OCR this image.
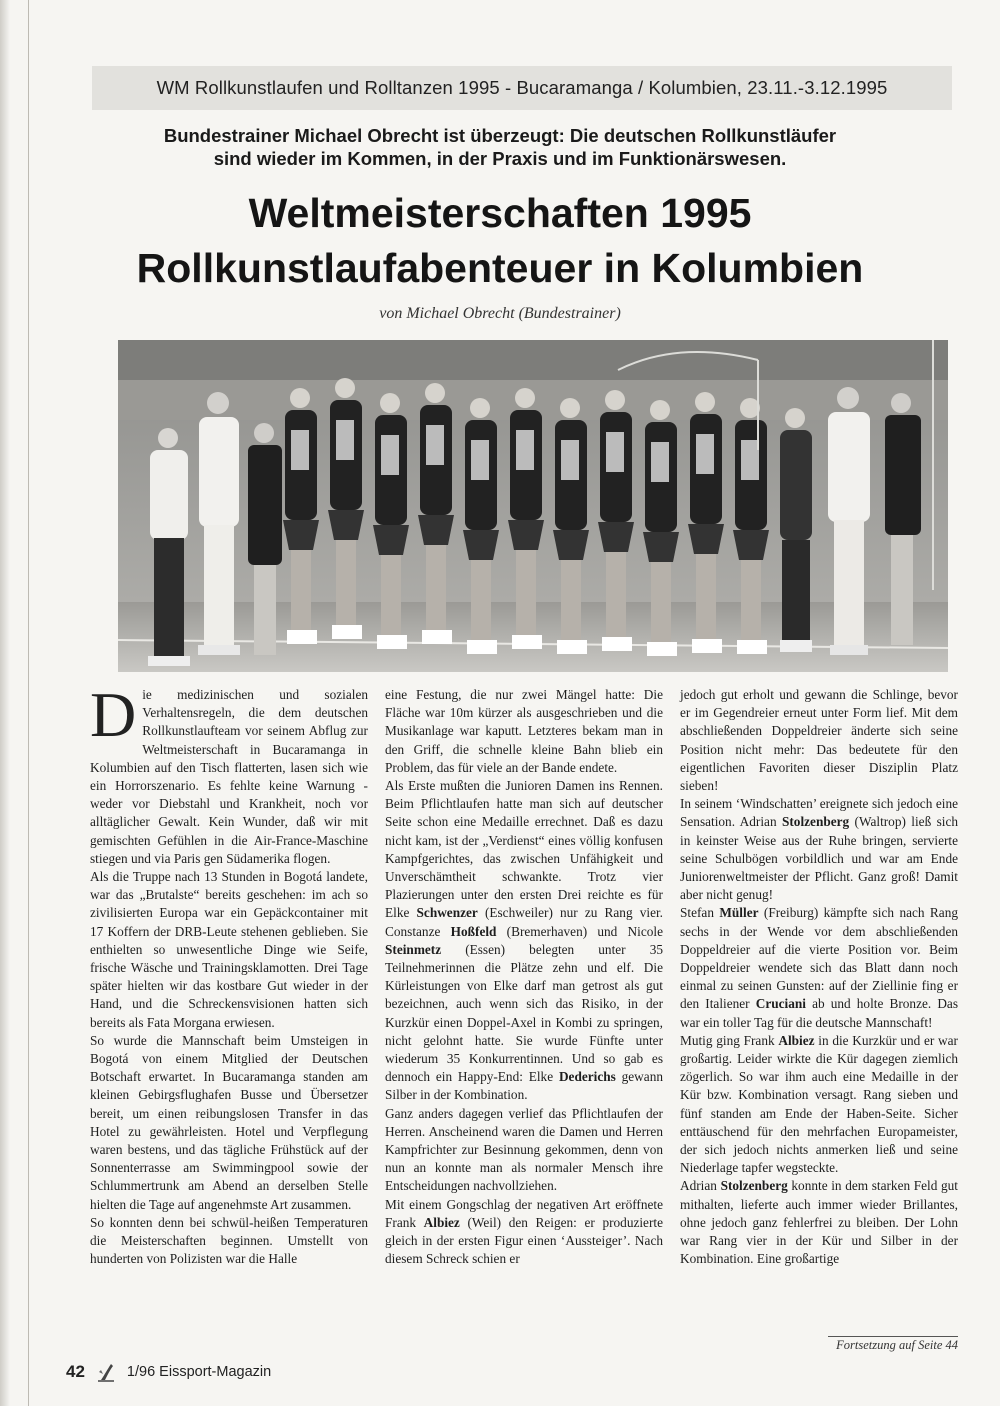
WM Rollkunstlaufen und Rolltanzen 1995 - Bucaramanga / Kolumbien, 23.11.-3.12.1995
Bundestrainer Michael Obrecht ist überzeugt: Die deutschen Rollkunstläufer
sind wieder im Kommen, in der Praxis und im Funktionärswesen.
Weltmeisterschaften 1995
Rollkunstlaufabenteuer in Kolumbien
von Michael Obrecht (Bundestrainer)

Die medizinischen und sozialen Verhaltensregeln, die dem deutschen Rollkunstlaufteam vor seinem Abflug zur Weltmeisterschaft in Bucaramanga in Kolumbien auf den Tisch flatterten, lasen sich wie ein Horrorszenario. Es fehlte keine Warnung - weder vor Diebstahl und Krankheit, noch vor alltäglicher Gewalt. Kein Wunder, daß wir mit gemischten Gefühlen in die Air-France-Maschine stiegen und via Paris gen Südamerika flogen.

Als die Truppe nach 13 Stunden in Bogotá landete, war das „Brutalste“ bereits geschehen: im ach so zivilisierten Europa war ein Gepäckcontainer mit 17 Koffern der DRB-Leute stehenen geblieben. Sie enthielten so unwesentliche Dinge wie Seife, frische Wäsche und Trainingsklamotten. Drei Tage später hielten wir das kostbare Gut wieder in der Hand, und die Schreckensvisionen hatten sich bereits als Fata Morgana erwiesen.

So wurde die Mannschaft beim Umsteigen in Bogotá von einem Mitglied der Deutschen Botschaft erwartet. In Bucaramanga standen am kleinen Gebirgsflughafen Busse und Übersetzer bereit, um einen reibungslosen Transfer in das Hotel zu gewährleisten. Hotel und Verpflegung waren bestens, und das tägliche Frühstück auf der Sonnenterrasse am Swimmingpool sowie der Schlummertrunk am Abend an derselben Stelle hielten die Tage auf angenehmste Art zusammen.

So konnten denn bei schwül-heißen Temperaturen die Meisterschaften beginnen. Umstellt von hunderten von Polizisten war die Halle

eine Festung, die nur zwei Mängel hatte: Die Fläche war 10m kürzer als ausgeschrieben und die Musikanlage war kaputt. Letzteres bekam man in den Griff, die schnelle kleine Bahn blieb ein Problem, das für viele an der Bande endete.

Als Erste mußten die Junioren Damen ins Rennen. Beim Pflichtlaufen hatte man sich auf deutscher Seite schon eine Medaille errechnet. Daß es dazu nicht kam, ist der „Verdienst“ eines völlig konfusen Kampfgerichtes, das zwischen Unfähigkeit und Unverschämtheit schwankte. Trotz vier Plazierungen unter den ersten Drei reichte es für Elke Schwenzer (Eschweiler) nur zu Rang vier. Constanze Hoßfeld (Bremerhaven) und Nicole Steinmetz (Essen) belegten unter 35 Teilnehmerinnen die Plätze zehn und elf. Die Kürleistungen von Elke darf man getrost als gut bezeichnen, auch wenn sich das Risiko, in der Kurzkür einen Doppel-Axel in Kombi zu springen, nicht gelohnt hatte. Sie wurde Fünfte unter wiederum 35 Konkurrentinnen. Und so gab es dennoch ein Happy-End: Elke Dederichs gewann Silber in der Kombination.

Ganz anders dagegen verlief das Pflichtlaufen der Herren. Anscheinend waren die Damen und Herren Kampfrichter zur Besinnung gekommen, denn von nun an konnte man als normaler Mensch ihre Entscheidungen nachvollziehen.

Mit einem Gongschlag der negativen Art eröffnete Frank Albiez (Weil) den Reigen: er produzierte gleich in der ersten Figur einen ‘Aussteiger’. Nach diesem Schreck schien er

jedoch gut erholt und gewann die Schlinge, bevor er im Gegendreier erneut unter Form lief. Mit dem abschließenden Doppeldreier änderte sich seine Position nicht mehr: Das bedeutete für den eigentlichen Favoriten dieser Disziplin Platz sieben!

In seinem ‘Windschatten’ ereignete sich jedoch eine Sensation. Adrian Stolzenberg (Waltrop) ließ sich in keinster Weise aus der Ruhe bringen, servierte seine Schulbögen vorbildlich und war am Ende Juniorenweltmeister der Pflicht. Ganz groß! Damit aber nicht genug!

Stefan Müller (Freiburg) kämpfte sich nach Rang sechs in der Wende vor dem abschließenden Doppeldreier auf die vierte Position vor. Beim Doppeldreier wendete sich das Blatt dann noch einmal zu seinen Gunsten: auf der Ziellinie fing er den Italiener Cruciani ab und holte Bronze. Das war ein toller Tag für die deutsche Mannschaft!

Mutig ging Frank Albiez in die Kurzkür und er war großartig. Leider wirkte die Kür dagegen ziemlich zögerlich. So war ihm auch eine Medaille in der Kür bzw. Kombination versagt. Rang sieben und fünf standen am Ende der Haben-Seite. Sicher enttäuschend für den mehrfachen Europameister, der sich jedoch nichts anmerken ließ und seine Niederlage tapfer wegsteckte.

Adrian Stolzenberg konnte in dem starken Feld gut mithalten, lieferte auch immer wieder Brillantes, ohne jedoch ganz fehlerfrei zu bleiben. Der Lohn war Rang vier in der Kür und Silber in der Kombination. Eine großartige

Fortsetzung auf Seite 44
42	1/96 Eissport-Magazin
